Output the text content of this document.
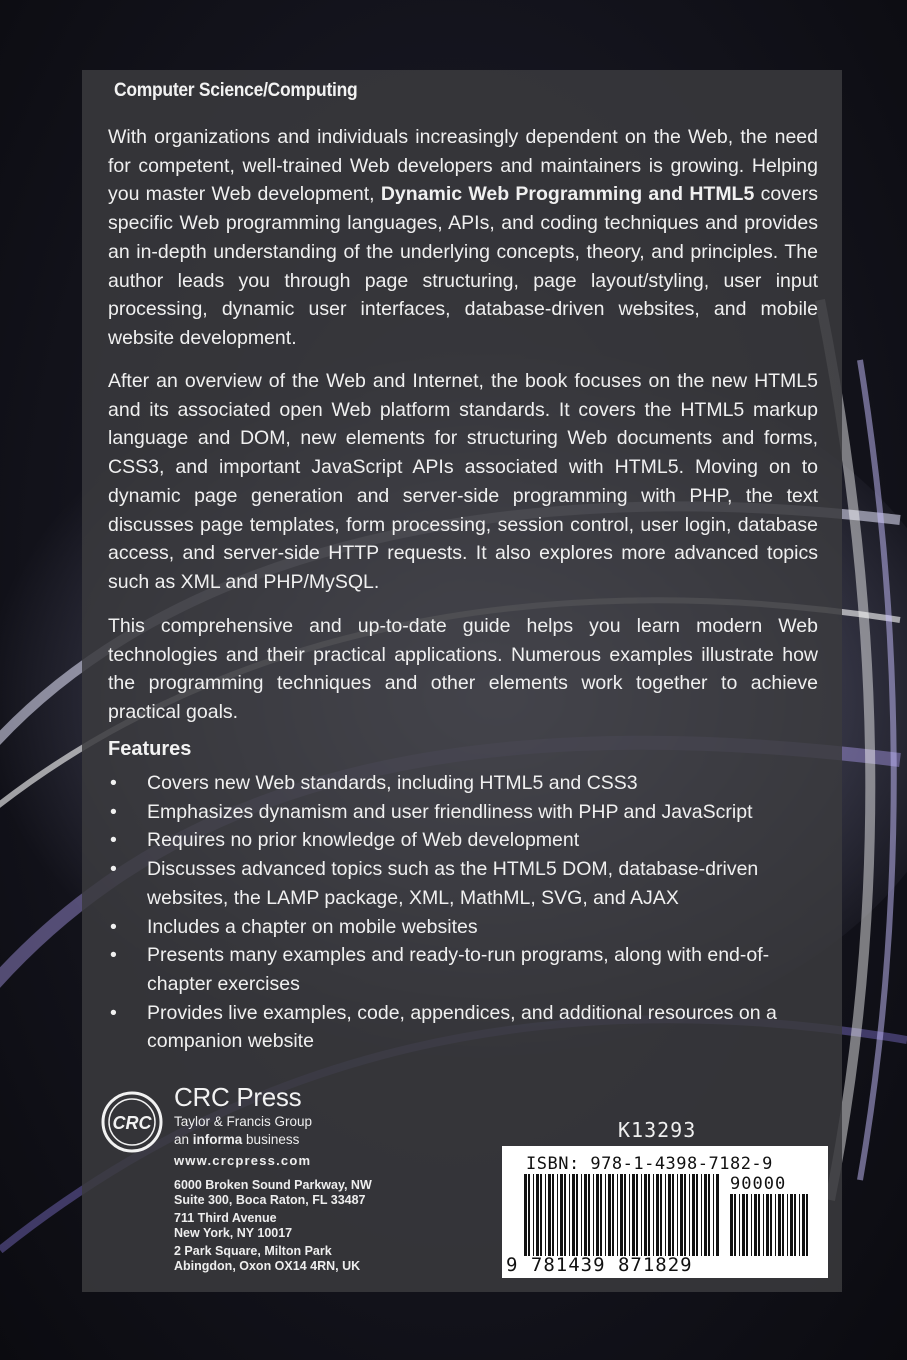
Computer Science/Computing
With organizations and individuals increasingly dependent on the Web, the need for competent, well-trained Web developers and maintainers is growing. Helping you master Web development, Dynamic Web Programming and HTML5 covers specific Web programming languages, APIs, and coding techniques and provides an in-depth understanding of the underlying concepts, theory, and principles. The author leads you through page structuring, page layout/styling, user input processing, dynamic user interfaces, database-driven websites, and mobile website development.
After an overview of the Web and Internet, the book focuses on the new HTML5 and its associated open Web platform standards. It covers the HTML5 markup language and DOM, new elements for structuring Web documents and forms, CSS3, and important JavaScript APIs associated with HTML5. Moving on to dynamic page generation and server-side programming with PHP, the text discusses page templates, form processing, session control, user login, database access, and server-side HTTP requests. It also explores more advanced topics such as XML and PHP/MySQL.
This comprehensive and up-to-date guide helps you learn modern Web technologies and their practical applications. Numerous examples illustrate how the programming techniques and other elements work together to achieve practical goals.
Features
• Covers new Web standards, including HTML5 and CSS3
• Emphasizes dynamism and user friendliness with PHP and JavaScript
• Requires no prior knowledge of Web development
• Discusses advanced topics such as the HTML5 DOM, database-driven websites, the LAMP package, XML, MathML, SVG, and AJAX
• Includes a chapter on mobile websites
• Presents many examples and ready-to-run programs, along with end-of-chapter exercises
• Provides live examples, code, appendices, and additional resources on a companion website
CRC
CRC Press
Taylor & Francis Group
an informa business
www.crcpress.com
6000 Broken Sound Parkway, NW
Suite 300, Boca Raton, FL 33487
711 Third Avenue
New York, NY 10017
2 Park Square, Milton Park
Abingdon, Oxon OX14 4RN, UK
K13293
ISBN: 978-1-4398-7182-9
90000
9 781439 871829
